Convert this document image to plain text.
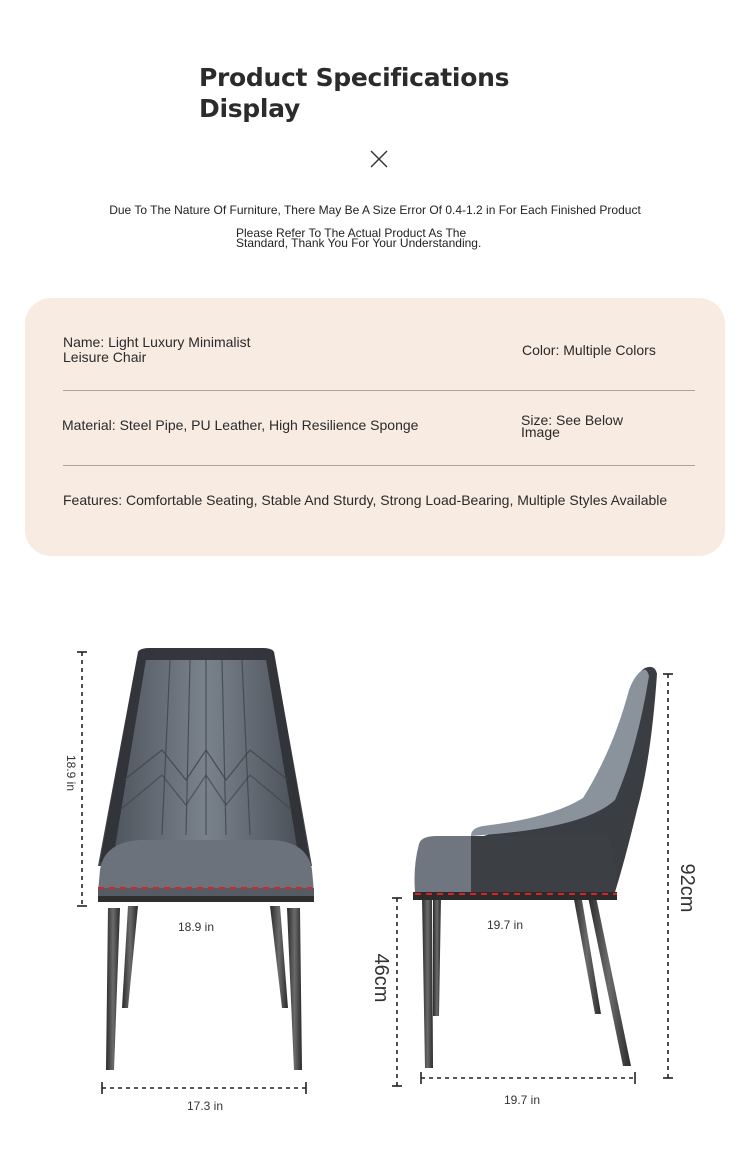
Product Specifications
Display
Due To The Nature Of Furniture, There May Be A Size Error Of 0.4-1.2 in For Each Finished Product
Please Refer To The Actual Product As The
Standard, Thank You For Your Understanding.
Name: Light Luxury Minimalist
Leisure Chair	Color: Multiple Colors
Material: Steel Pipe, PU Leather, High Resilience Sponge	Size: See Below
Image
Features: Comfortable Seating, Stable And Sturdy, Strong Load-Bearing, Multiple Styles Available
18.9 in
18.9 in
17.3 in
19.7 in
19.7 in
46cm
92cm
